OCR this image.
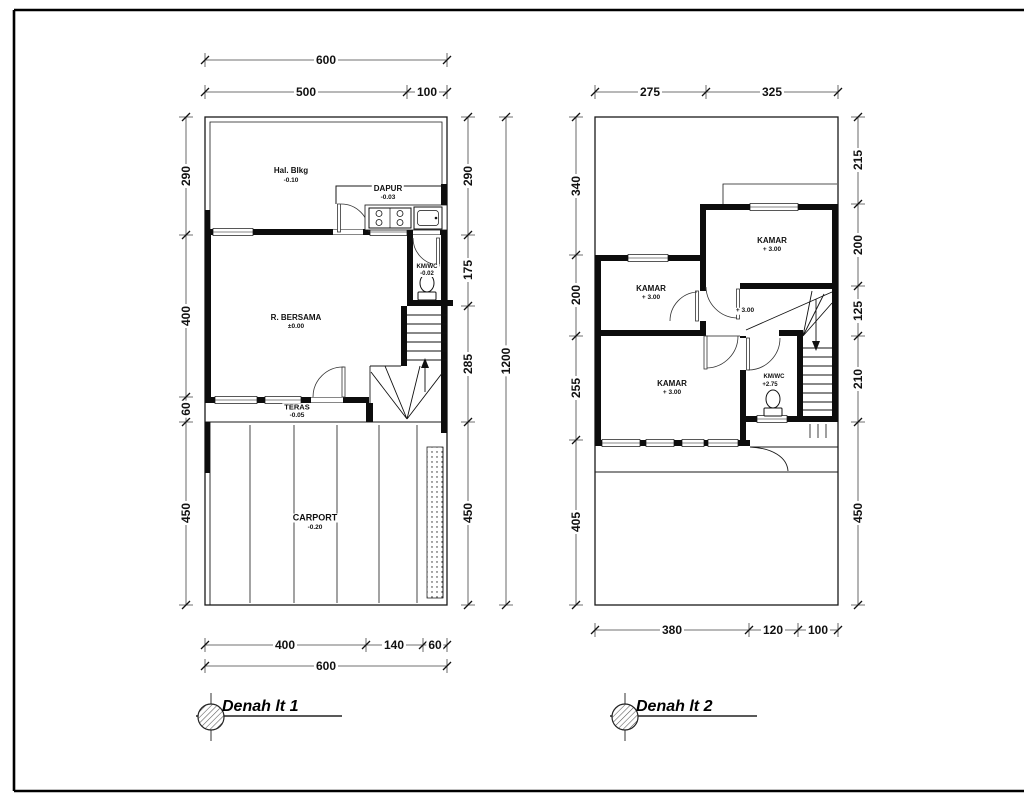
600
500	100
400	140 60
600
290
400
60
450
290
175
285
450
1200
275	325
380	120 100
340
200
255
405
215
200
125
210
450
Hal. Blkg
-0.10
DAPUR
-0.03
R. BERSAMA
±0.00
KM/WC
-0.02
TERAS
-0.05
CARPORT
-0.20
KAMAR
+ 3.00
KAMAR
+ 3.00
KAMAR
+ 3.00
+ 3.00
KM/WC
+2.75
Denah lt 1	Denah lt 2
